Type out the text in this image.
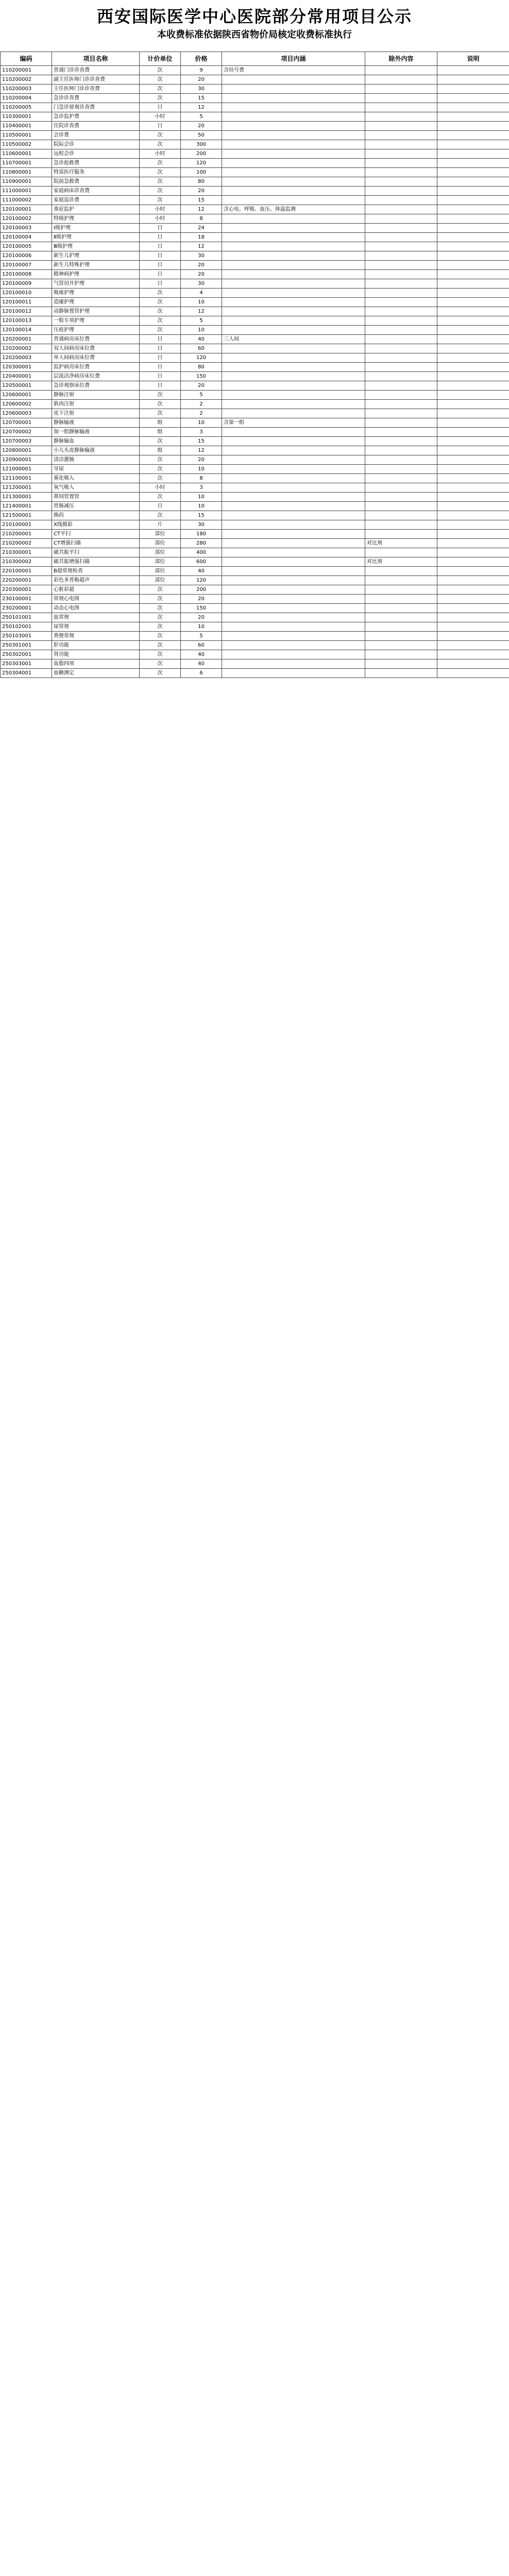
西安国际医学中心医院部分常用项目公示
本收费标准依据陕西省物价局核定收费标准执行
编码	项目名称	计价单位	价格	项目内涵	除外内容	说明
110200001	普通门诊诊查费	次	9	含挂号费		
110200002	副主任医师门诊诊查费	次	20			
110200003	主任医师门诊诊查费	次	30			
110200004	急诊诊查费	次	15			
110200005	门急诊留观诊查费	日	12			
110300001	急诊监护费	小时	5			
110400001	住院诊查费	日	20			
110500001	会诊费	次	50			
110500002	院际会诊	次	300			
110600001	远程会诊	小时	200			
110700001	急诊抢救费	次	120			
110800001	特需医疗服务	次	100			
110900001	院前急救费	次	80			
111000001	家庭病床诊查费	次	20			
111000002	家庭巡诊费	次	15			
120100001	重症监护	小时	12	含心电、呼吸、血压、体温监测		
120100002	特级护理	小时	8			
120100003	Ⅰ级护理	日	24			
120100004	Ⅱ级护理	日	18			
120100005	Ⅲ级护理	日	12			
120100006	新生儿护理	日	30			
120100007	新生儿特殊护理	日	20			
120100008	精神病护理	日	20			
120100009	气管切开护理	日	30			
120100010	吸痰护理	次	4			
120100011	造瘘护理	次	10			
120100012	动静脉置管护理	次	12			
120100013	一般专项护理	次	5			
120100014	压疮护理	次	10			
120200001	普通病房床位费	日	40	三人间		
120200002	双人间病房床位费	日	60			
120200003	单人间病房床位费	日	120			
120300001	监护病房床位费	日	80			
120400001	层流洁净病房床位费	日	150			
120500001	急诊观察床位费	日	20			
120600001	静脉注射	次	5			
120600002	肌肉注射	次	2			
120600003	皮下注射	次	2			
120700001	静脉输液	组	10	含第一组		
120700002	加一组静脉输液	组	3			
120700003	静脉输血	次	15			
120800001	小儿头皮静脉输液	组	12			
120900001	清洁灌肠	次	20			
121000001	导尿	次	10			
121100001	雾化吸入	次	8			
121200001	氧气吸入	小时	3			
121300001	鼻饲管置管	次	10			
121400001	胃肠减压	日	10			
121500001	换药	次	15			
210100001	X线摄影	片	30			
210200001	CT平扫	部位	180			
210200002	CT增强扫描	部位	280		对比剂	
210300001	磁共振平扫	部位	400			
210300002	磁共振增强扫描	部位	600		对比剂	
220100001	B超常规检查	部位	40			
220200001	彩色多普勒超声	部位	120			
220300001	心脏彩超	次	200			
230100001	常规心电图	次	20			
230200001	动态心电图	次	150			
250101001	血常规	次	20			
250102001	尿常规	次	10			
250103001	粪便常规	次	5			
250301001	肝功能	次	60			
250302001	肾功能	次	40			
250303001	血脂四项	次	40			
250304001	血糖测定	次	6			
